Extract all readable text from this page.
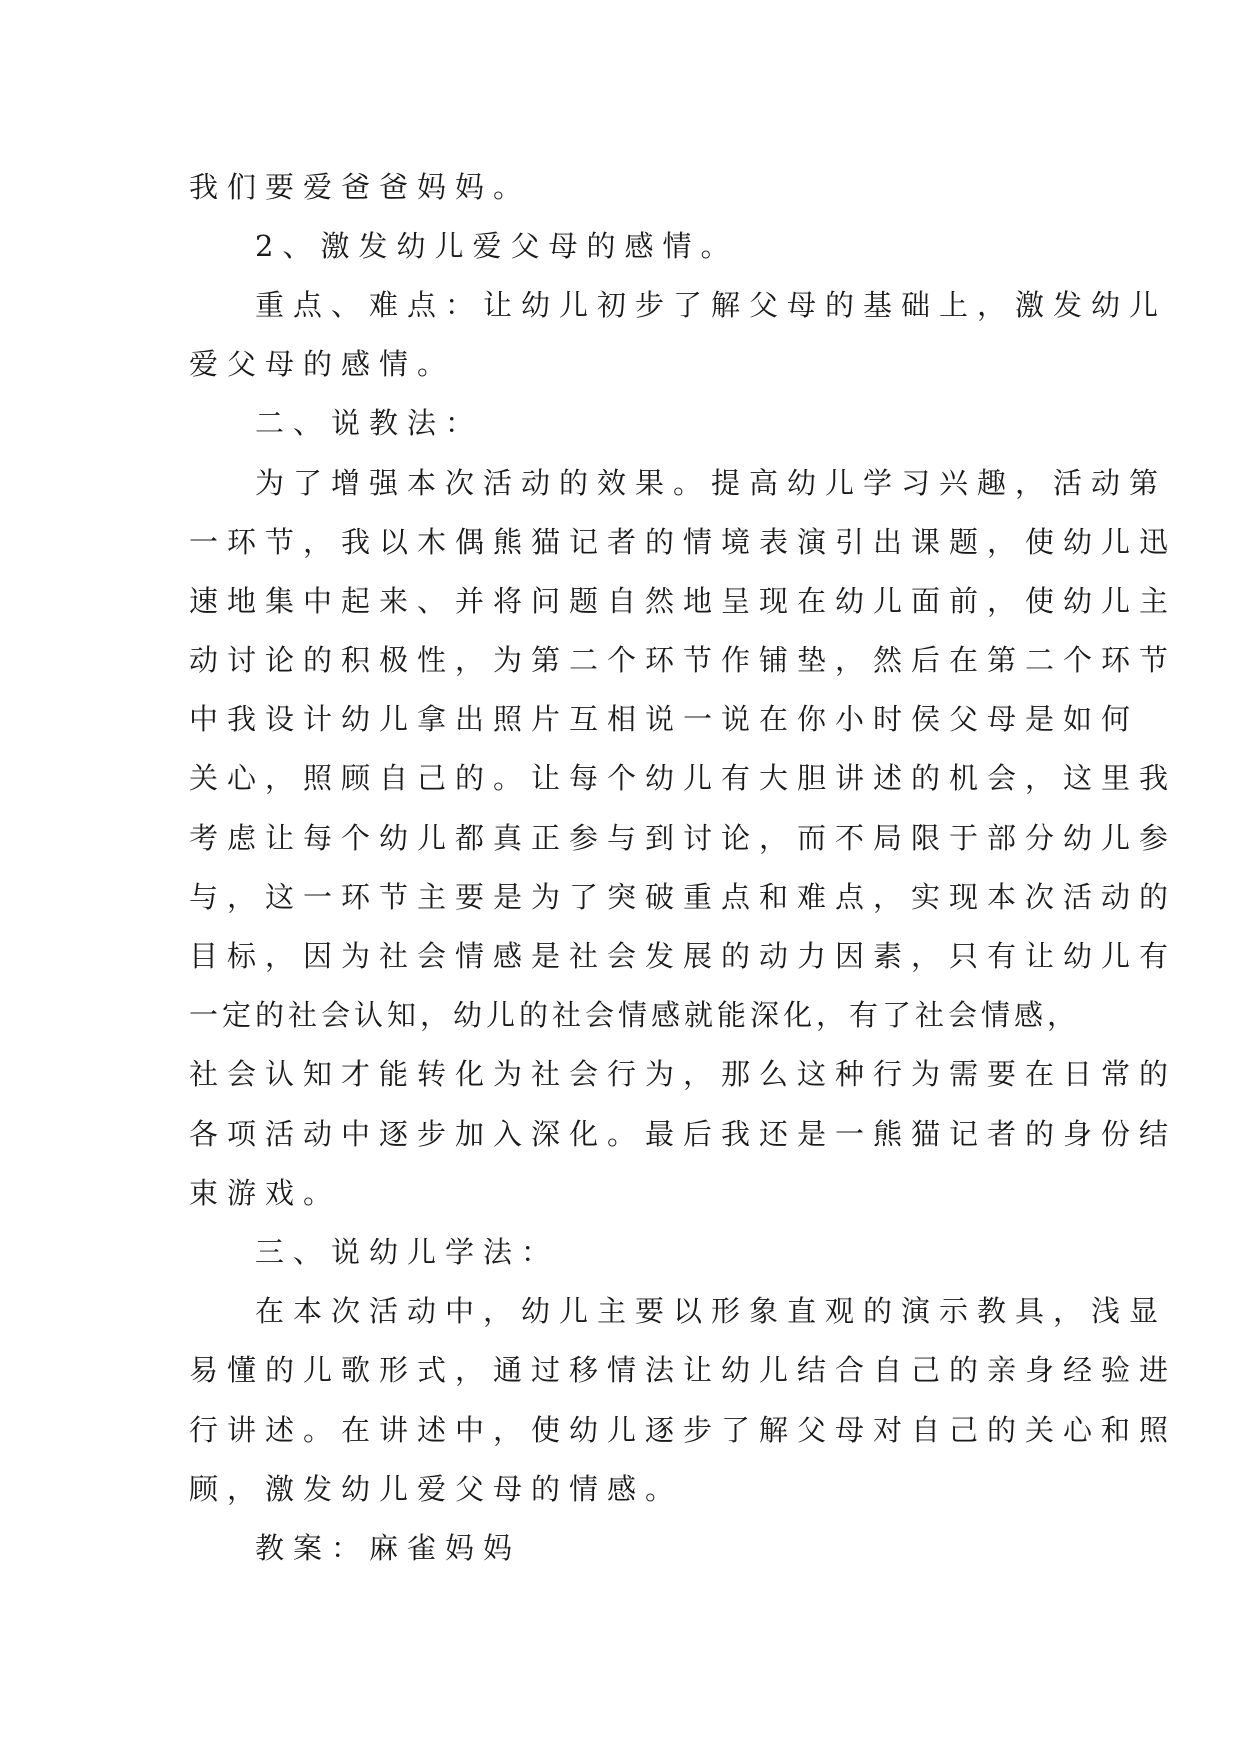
我们要爱爸爸妈妈。
2、激发幼儿爱父母的感情。
重点、难点：让幼儿初步了解父母的基础上，激发幼儿
爱父母的感情。
二、说教法：
为了增强本次活动的效果。提高幼儿学习兴趣，活动第
一环节，我以木偶熊猫记者的情境表演引出课题，使幼儿迅
速地集中起来、并将问题自然地呈现在幼儿面前，使幼儿主
动讨论的积极性，为第二个环节作铺垫，然后在第二个环节
中我设计幼儿拿出照片互相说一说在你小时侯父母是如何
关心，照顾自己的。让每个幼儿有大胆讲述的机会，这里我
考虑让每个幼儿都真正参与到讨论，而不局限于部分幼儿参
与，这一环节主要是为了突破重点和难点，实现本次活动的
目标，因为社会情感是社会发展的动力因素，只有让幼儿有
一定的社会认知，幼儿的社会情感就能深化，有了社会情感，
社会认知才能转化为社会行为，那么这种行为需要在日常的
各项活动中逐步加入深化。最后我还是一熊猫记者的身份结
束游戏。
三、说幼儿学法：
在本次活动中，幼儿主要以形象直观的演示教具，浅显
易懂的儿歌形式，通过移情法让幼儿结合自己的亲身经验进
行讲述。在讲述中，使幼儿逐步了解父母对自己的关心和照
顾，激发幼儿爱父母的情感。
教案：麻雀妈妈
